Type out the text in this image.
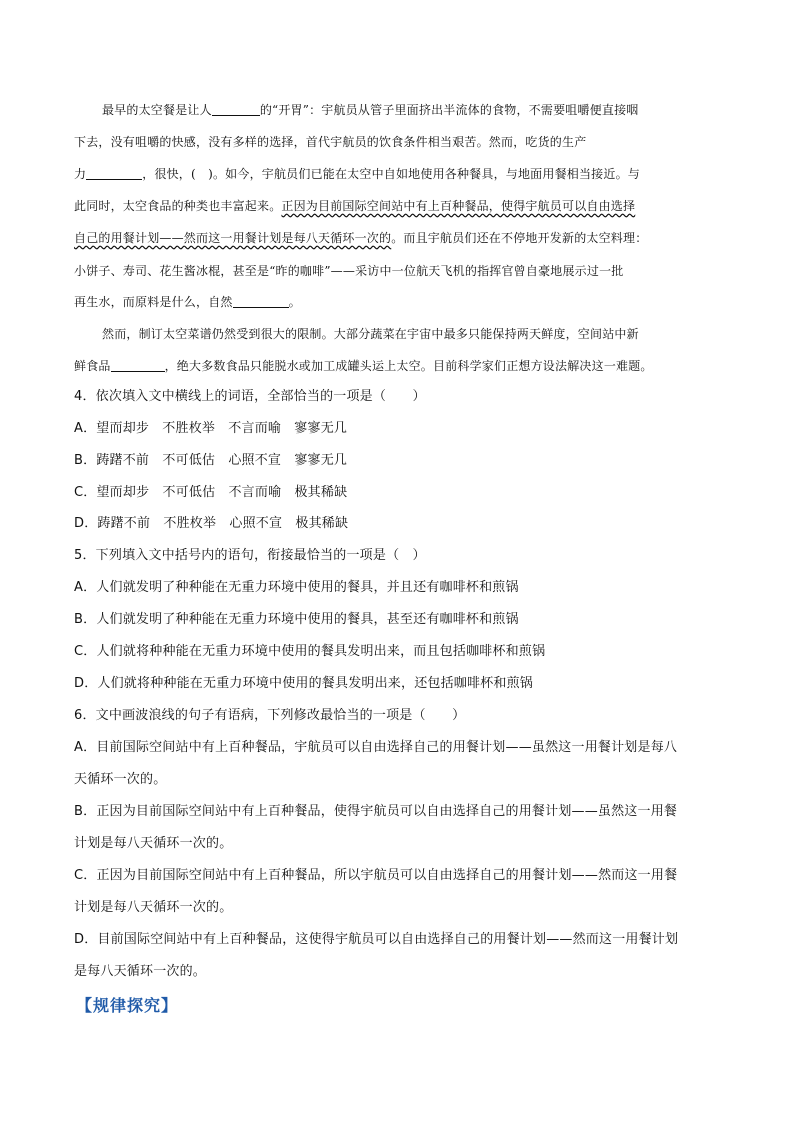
最早的太空餐是让人	的“开胃”：宇航员从管子里面挤出半流体的食物，不需要咀嚼便直接咽
下去，没有咀嚼的快感，没有多样的选择，首代宇航员的饮食条件相当艰苦。然而，吃货的生产
力	，很快，(　)。如今，宇航员们已能在太空中自如地使用各种餐具，与地面用餐相当接近。与
此同时，太空食品的种类也丰富起来。正因为目前国际空间站中有上百种餐品，使得宇航员可以自由选择
自己的用餐计划——然而这一用餐计划是每八天循环一次的。而且宇航员们还在不停地开发新的太空料理：
小饼子、寿司、花生酱冰棍，甚至是“昨的咖啡”——采访中一位航天飞机的指挥官曾自豪地展示过一批
再生水，而原料是什么，自然	。
然而，制订太空菜谱仍然受到很大的限制。大部分蔬菜在宇宙中最多只能保持两天鲜度，空间站中新
鲜食品	，绝大多数食品只能脱水或加工成罐头运上太空。目前科学家们正想方设法解决这一难题。
4．依次填入文中横线上的词语，全部恰当的一项是（　　）
A．望而却步　不胜枚举　不言而喻　寥寥无几
B．踌躇不前　不可低估　心照不宣　寥寥无几
C．望而却步　不可低估　不言而喻　极其稀缺
D．踌躇不前　不胜枚举　心照不宣　极其稀缺
5．下列填入文中括号内的语句，衔接最恰当的一项是（　）
A．人们就发明了种种能在无重力环境中使用的餐具，并且还有咖啡杯和煎锅
B．人们就发明了种种能在无重力环境中使用的餐具，甚至还有咖啡杯和煎锅
C．人们就将种种能在无重力环境中使用的餐具发明出来，而且包括咖啡杯和煎锅
D．人们就将种种能在无重力环境中使用的餐具发明出来，还包括咖啡杯和煎锅
6．文中画波浪线的句子有语病，下列修改最恰当的一项是（　　）
A．目前国际空间站中有上百种餐品，宇航员可以自由选择自己的用餐计划——虽然这一用餐计划是每八
天循环一次的。
B．正因为目前国际空间站中有上百种餐品，使得宇航员可以自由选择自己的用餐计划——虽然这一用餐
计划是每八天循环一次的。
C．正因为目前国际空间站中有上百种餐品，所以宇航员可以自由选择自己的用餐计划——然而这一用餐
计划是每八天循环一次的。
D．目前国际空间站中有上百种餐品，这使得宇航员可以自由选择自己的用餐计划——然而这一用餐计划
是每八天循环一次的。
【规律探究】
